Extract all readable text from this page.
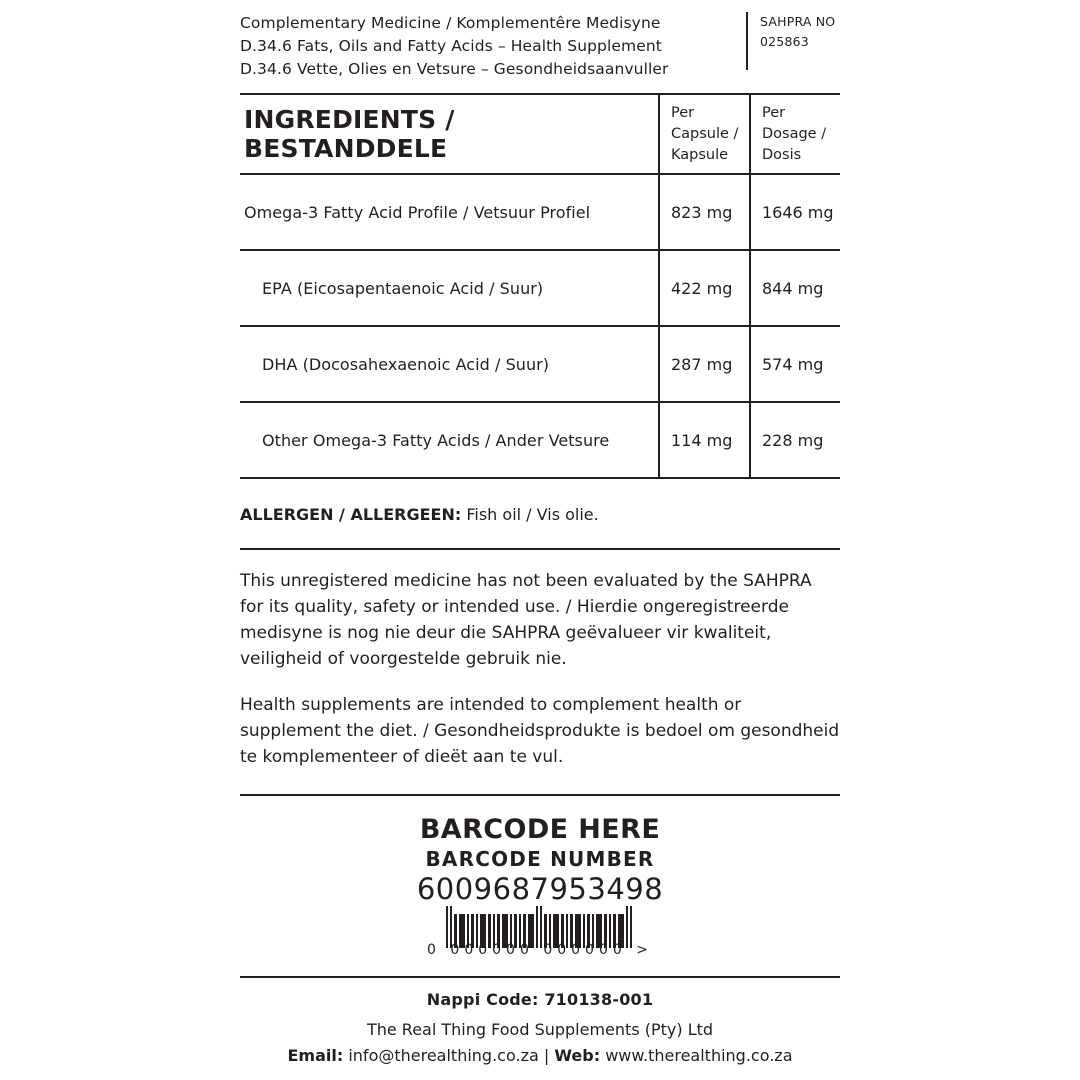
Complementary Medicine / Komplementêre Medisyne
D.34.6 Fats, Oils and Fatty Acids – Health Supplement
D.34.6 Vette, Olies en Vetsure – Gesondheidsaanvuller
SAHPRA NO
025863
INGREDIENTS / BESTANDDELE
Per
Capsule /
Kapsule
Per
Dosage /
Dosis
Omega-3 Fatty Acid Profile / Vetsuur Profiel	823 mg 1646 mg
EPA (Eicosapentaenoic Acid / Suur)	422 mg 844 mg
DHA (Docosahexaenoic Acid / Suur)	287 mg 574 mg
Other Omega-3 Fatty Acids / Ander Vetsure	114 mg 228 mg
ALLERGEN / ALLERGEEN: Fish oil / Vis olie.
This unregistered medicine has not been evaluated by the SAHPRA for its quality, safety or intended use. / Hierdie ongeregistreerde medisyne is nog nie deur die SAHPRA geëvalueer vir kwaliteit, veiligheid of voorgestelde gebruik nie.
Health supplements are intended to complement health or supplement the diet. / Gesondheidsprodukte is bedoel om gesondheid te komplementeer of dieët aan te vul.
BARCODE HERE
BARCODE NUMBER
6009687953498
0 000000 000000 >
Nappi Code: 710138-001
The Real Thing Food Supplements (Pty) Ltd
Email: info@therealthing.co.za | Web: www.therealthing.co.za
